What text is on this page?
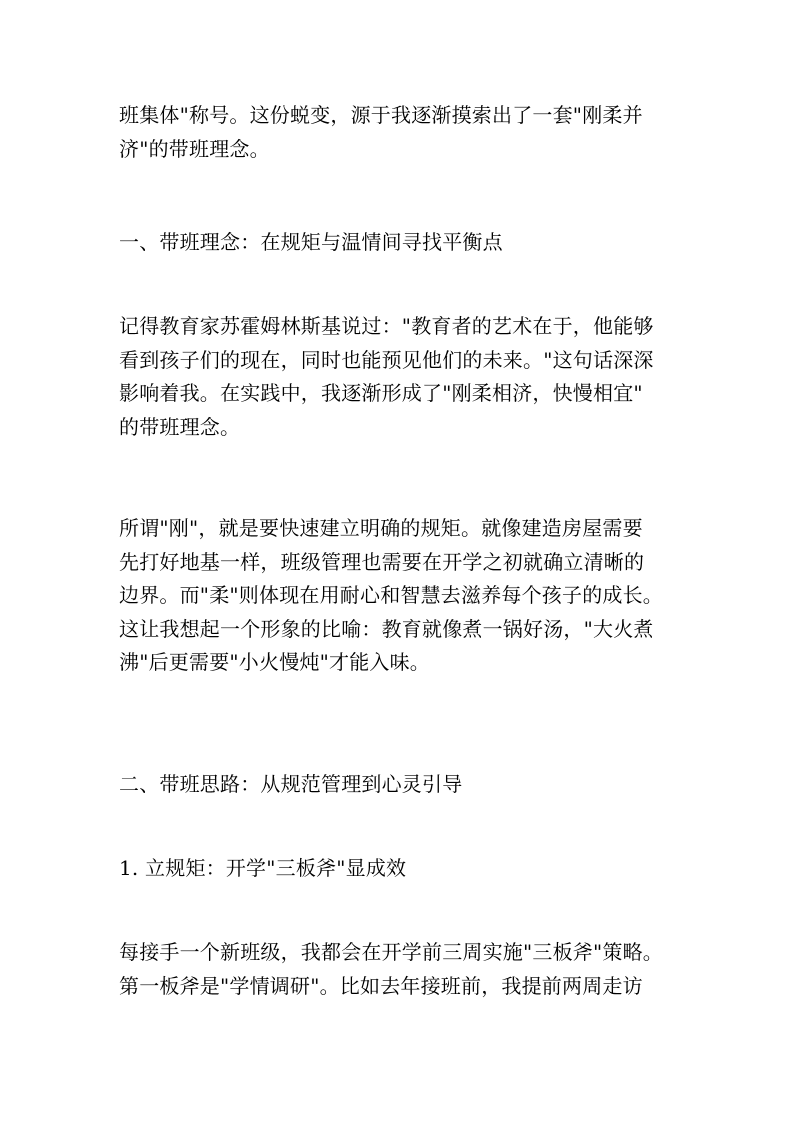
班集体"称号。这份蜕变，源于我逐渐摸索出了一套"刚柔并
济"的带班理念。
一、带班理念：在规矩与温情间寻找平衡点
记得教育家苏霍姆林斯基说过："教育者的艺术在于，他能够
看到孩子们的现在，同时也能预见他们的未来。"这句话深深
影响着我。在实践中，我逐渐形成了"刚柔相济，快慢相宜"
的带班理念。
所谓"刚"，就是要快速建立明确的规矩。就像建造房屋需要
先打好地基一样，班级管理也需要在开学之初就确立清晰的
边界。而"柔"则体现在用耐心和智慧去滋养每个孩子的成长。
这让我想起一个形象的比喻：教育就像煮一锅好汤，"大火煮
沸"后更需要"小火慢炖"才能入味。
二、带班思路：从规范管理到心灵引导
1. 立规矩：开学"三板斧"显成效
每接手一个新班级，我都会在开学前三周实施"三板斧"策略。
第一板斧是"学情调研"。比如去年接班前，我提前两周走访
